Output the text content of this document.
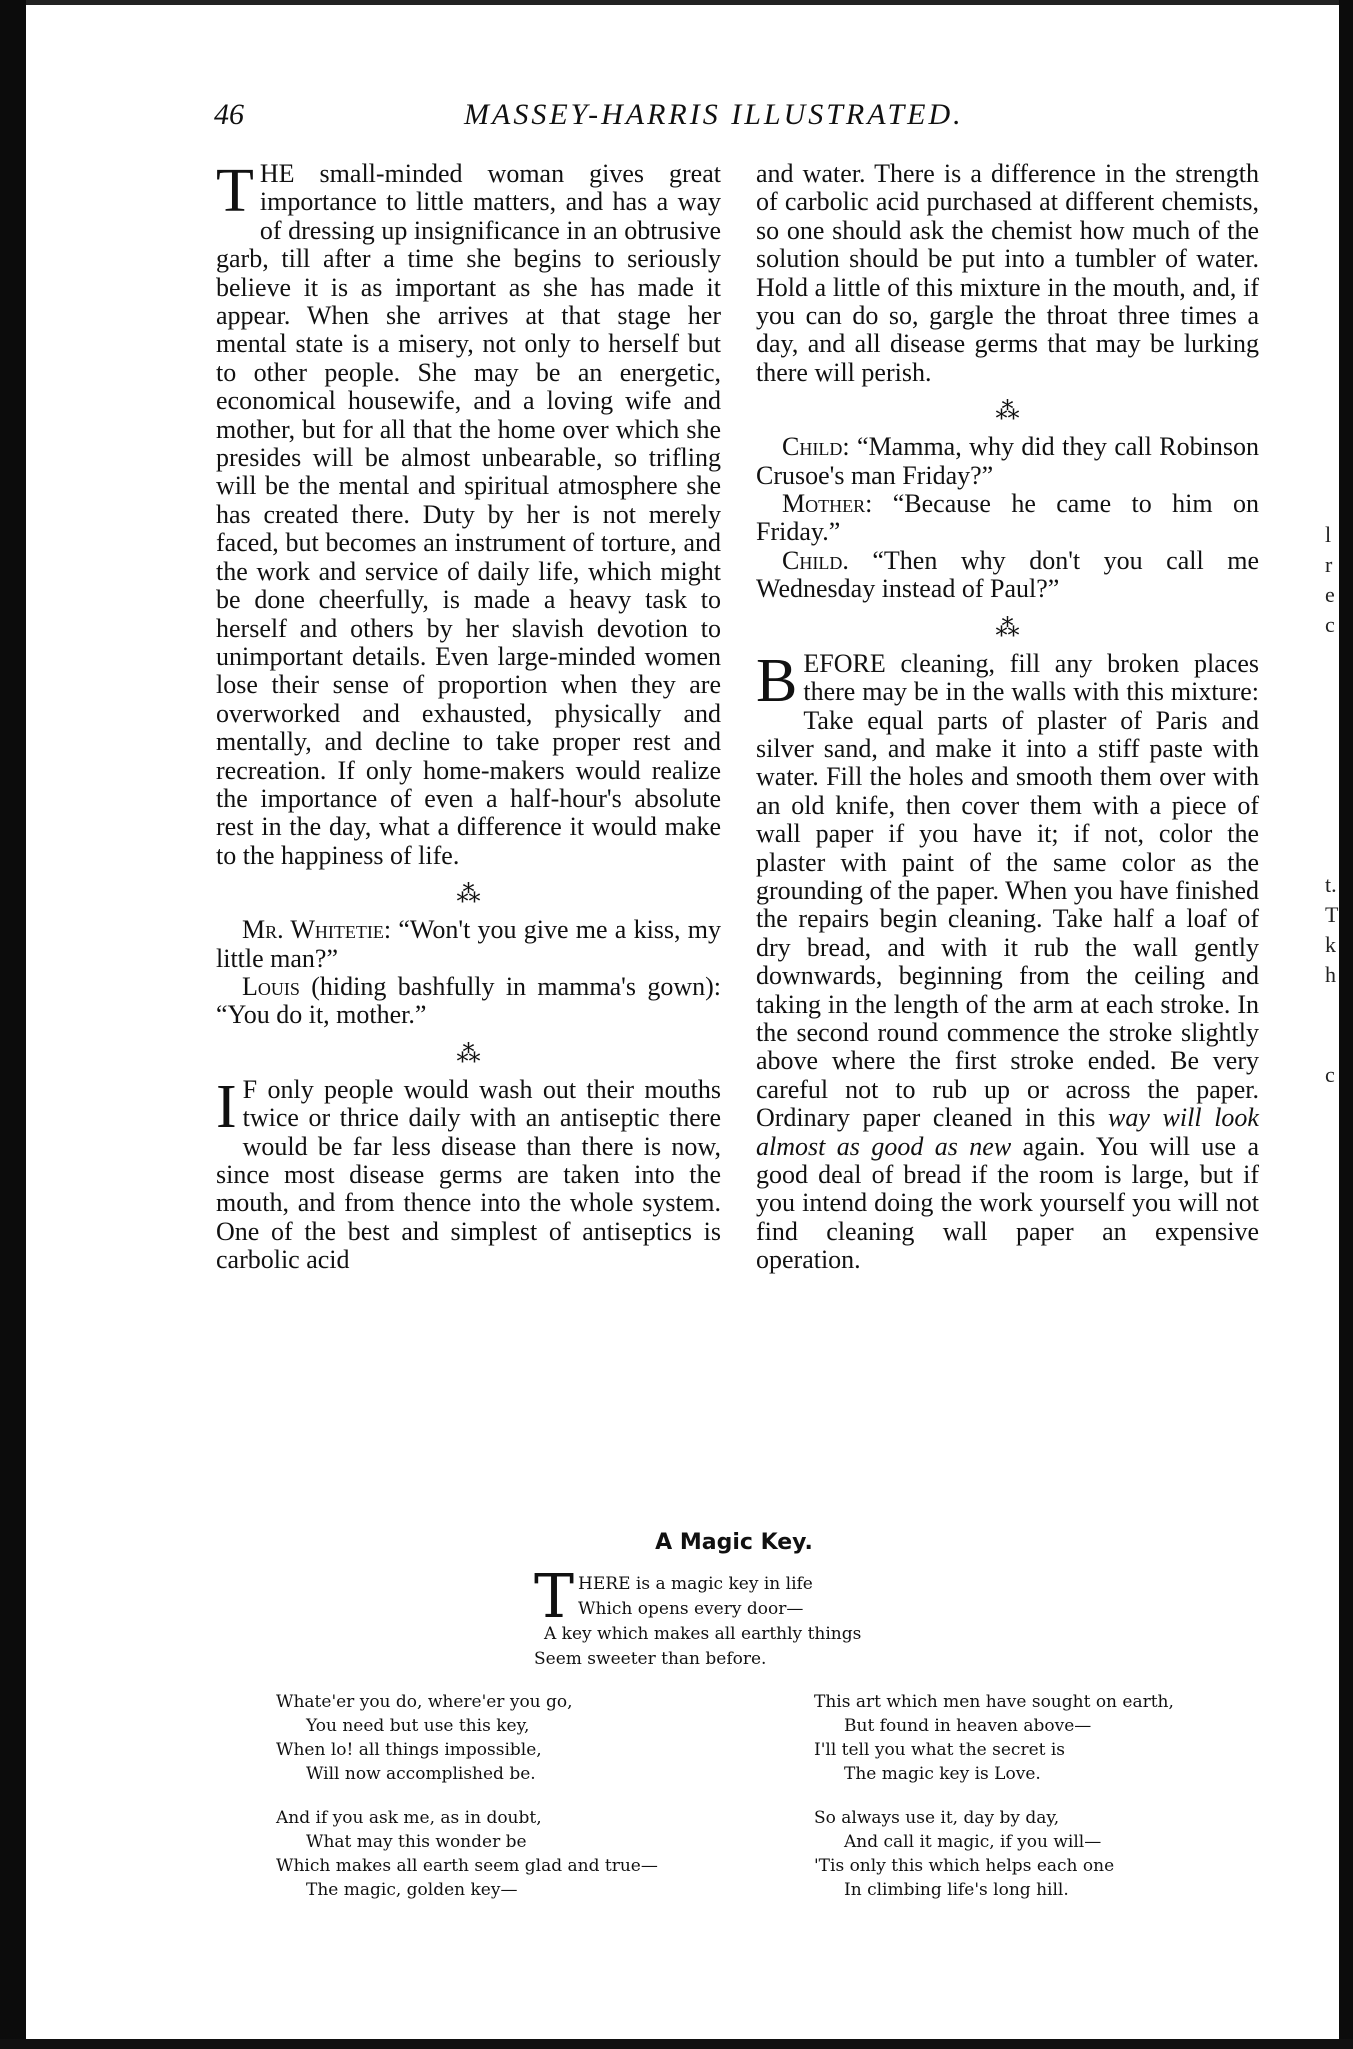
l
r
e
c
t.
T
k
h
c
46	MASSEY-HARRIS ILLUSTRATED.

THE small-minded woman gives great importance to little matters, and has a way of dressing up insignificance in an obtrusive garb, till after a time she begins to seriously believe it is as important as she has made it appear. When she arrives at that stage her mental state is a misery, not only to herself but to other people. She may be an energetic, economical housewife, and a loving wife and mother, but for all that the home over which she presides will be almost unbearable, so trifling will be the mental and spiritual atmosphere she has created there. Duty by her is not merely faced, but becomes an instrument of torture, and the work and service of daily life, which might be done cheerfully, is made a heavy task to herself and others by her slavish devotion to unimportant details. Even large-minded women lose their sense of proportion when they are overworked and exhausted, physically and mentally, and decline to take proper rest and recreation. If only home-makers would realize the importance of even a half-hour's absolute rest in the day, what a difference it would make to the happiness of life.

⁂

Mr. Whitetie: “Won't you give me a kiss, my little man?”

Louis (hiding bashfully in mamma's gown): “You do it, mother.”

⁂

I F only people would wash out their mouths twice or thrice daily with an antiseptic there would be far less disease than there is now, since most disease germs are taken into the mouth, and from thence into the whole system. One of the best and simplest of antiseptics is carbolic acid

and water. There is a difference in the strength of carbolic acid purchased at different chemists, so one should ask the chemist how much of the solution should be put into a tumbler of water. Hold a little of this mixture in the mouth, and, if you can do so, gargle the throat three times a day, and all disease germs that may be lurking there will perish.

⁂

Child: “Mamma, why did they call Robinson Crusoe's man Friday?”

Mother: “Because he came to him on Friday.”

Child. “Then why don't you call me Wednesday instead of Paul?”

⁂

BEFORE cleaning, fill any broken places there may be in the walls with this mixture: Take equal parts of plaster of Paris and silver sand, and make it into a stiff paste with water. Fill the holes and smooth them over with an old knife, then cover them with a piece of wall paper if you have it; if not, color the plaster with paint of the same color as the grounding of the paper. When you have finished the repairs begin cleaning. Take half a loaf of dry bread, and with it rub the wall gently downwards, beginning from the ceiling and taking in the length of the arm at each stroke. In the second round commence the stroke slightly above where the first stroke ended. Be very careful not to rub up or across the paper. Ordinary paper cleaned in this way will look almost as good as new again. You will use a good deal of bread if the room is large, but if you intend doing the work yourself you will not find cleaning wall paper an expensive operation.

A Magic Key.
T HERE is a magic key in life
Which opens every door—
A key which makes all earthly things
Seem sweeter than before.
Whate'er you do, where'er you go,
You need but use this key,
When lo! all things impossible,
Will now accomplished be.
And if you ask me, as in doubt,
What may this wonder be
Which makes all earth seem glad and true—
The magic, golden key—
This art which men have sought on earth,
But found in heaven above—
I'll tell you what the secret is
The magic key is Love.
So always use it, day by day,
And call it magic, if you will—
'Tis only this which helps each one
In climbing life's long hill.
